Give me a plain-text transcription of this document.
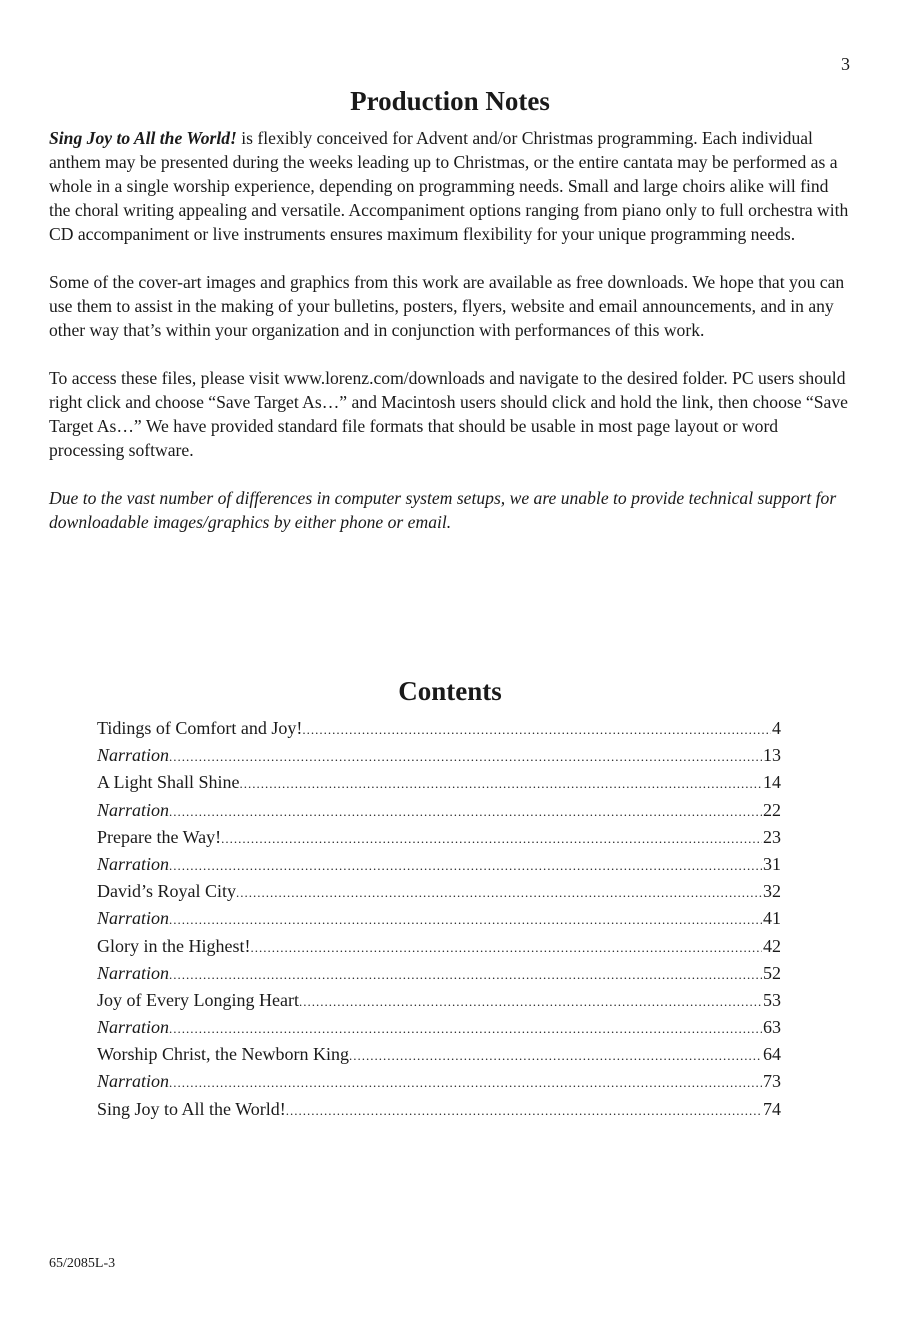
3
Production Notes

Sing Joy to All the World! is flexibly conceived for Advent and/or Christmas programming. Each individual anthem may be presented during the weeks leading up to Christmas, or the entire cantata may be performed as a whole in a single worship experience, depending on programming needs. Small and large choirs alike will find the choral writing appealing and versatile. Accompaniment options ranging from piano only to full orchestra with CD accompaniment or live instruments ensures maximum flexibility for your unique programming needs.

Some of the cover-art images and graphics from this work are available as free downloads. We hope that you can use them to assist in the making of your bulletins, posters, flyers, website and email announcements, and in any other way that’s within your organization and in conjunction with performances of this work.

To access these files, please visit www.lorenz.com/downloads and navigate to the desired folder. PC users should right click and choose “Save Target As…” and Macintosh users should click and hold the link, then choose “Save Target As…” We have provided standard file formats that should be usable in most page layout or word processing software.

Due to the vast number of differences in computer system setups, we are unable to provide technical support for downloadable images/graphics by either phone or email.

Contents
Tidings of Comfort and Joy! .....	4
Narration .....	13
A Light Shall Shine .....	14
Narration .....	22
Prepare the Way! .....	23
Narration .....	31
David’s Royal City .....	32
Narration .....	41
Glory in the Highest! .....	42
Narration .....	52
Joy of Every Longing Heart .....	53
Narration .....	63
Worship Christ, the Newborn King .....	64
Narration .....	73
Sing Joy to All the World! .....	74
65/2085L-3
